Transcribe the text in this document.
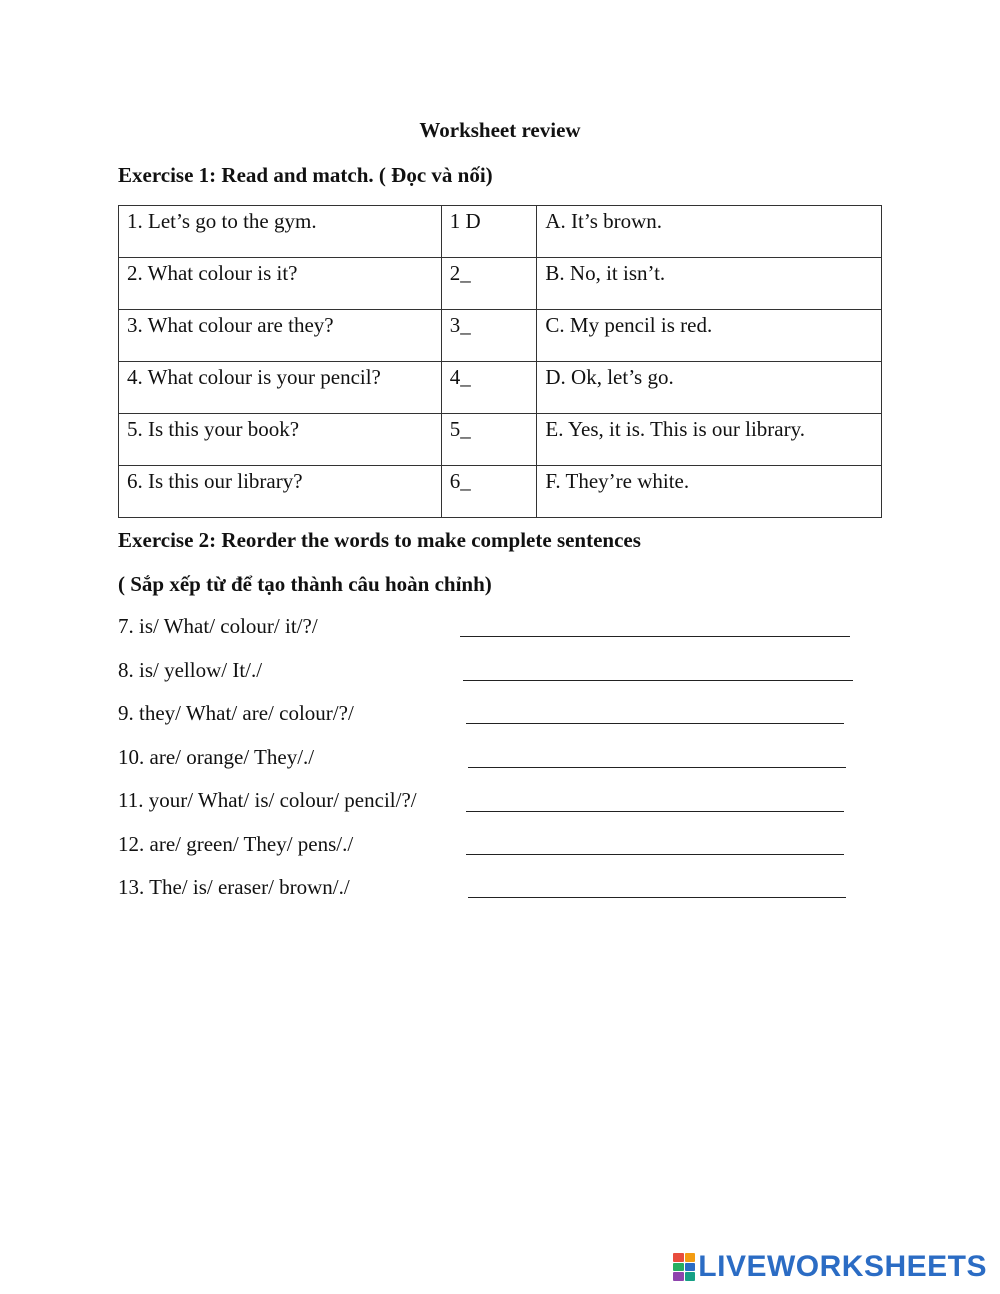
Worksheet review
Exercise 1: Read and match. ( Đọc và nối)
1. Let’s go to the gym.	1 D	A. It’s brown.
2. What colour is it?	2_	B. No, it isn’t.
3. What colour are they?	3_	C. My pencil is red.
4. What colour is your pencil?	4_	D. Ok, let’s go.
5. Is this your book?	5_	E. Yes, it is. This is our library.
6. Is this our library?	6_	F. They’re white.
Exercise 2: Reorder the words to make complete sentences
( Sắp xếp từ để tạo thành câu hoàn chỉnh)
7. is/ What/ colour/ it/?/
8. is/ yellow/ It/./
9. they/ What/ are/ colour/?/
10. are/ orange/ They/./
11. your/ What/ is/ colour/ pencil/?/
12. are/ green/ They/ pens/./
13. The/ is/ eraser/ brown/./
LIVEWORKSHEETS
